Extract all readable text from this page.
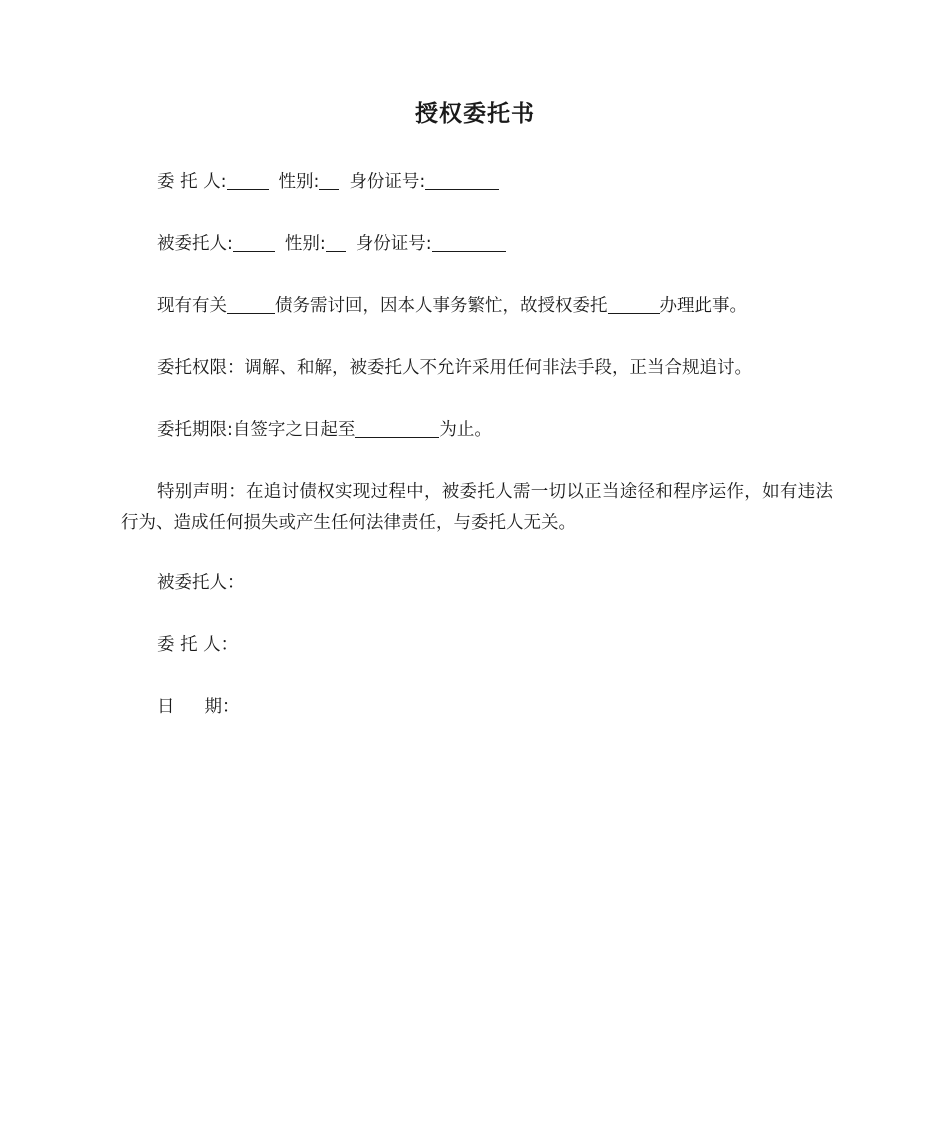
授权委托书

委 托 人:	性别: 身份证号:

被委托人:	性别: 身份证号:

现有有关	债务需讨回，因本人事务繁忙，故授权委托	办理此事。

委托权限：调解、和解，被委托人不允许采用任何非法手段，正当合规追讨。

委托期限:自签字之日起至	为止。

特别声明：在追讨债权实现过程中，被委托人需一切以正当途径和程序运作，如有违法行为、造成任何损失或产生任何法律责任，与委托人无关。

被委托人：

委 托 人：

日 期：
